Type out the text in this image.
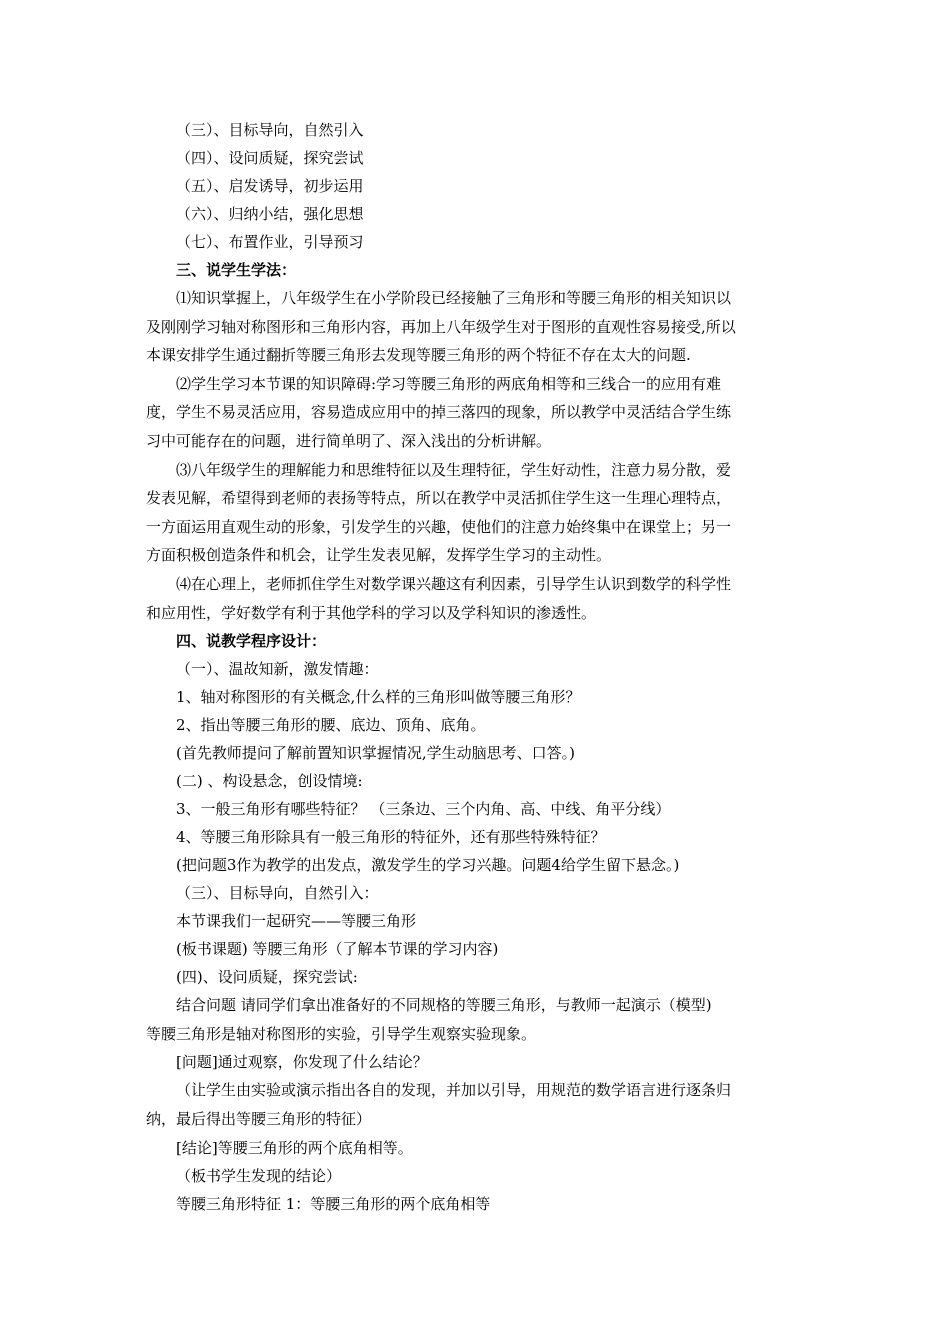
（三）、目标导向，自然引入
（四）、设问质疑，探究尝试
（五）、启发诱导，初步运用
（六）、归纳小结，强化思想
（七）、布置作业，引导预习
三、说学生学法：
⑴知识掌握上，八年级学生在小学阶段已经接触了三角形和等腰三角形的相关知识以
及刚刚学习轴对称图形和三角形内容，再加上八年级学生对于图形的直观性容易接受,所以
本课安排学生通过翻折等腰三角形去发现等腰三角形的两个特征不存在太大的问题.
⑵学生学习本节课的知识障碍:学习等腰三角形的两底角相等和三线合一的应用有难
度，学生不易灵活应用，容易造成应用中的掉三落四的现象，所以教学中灵活结合学生练
习中可能存在的问题，进行简单明了、深入浅出的分析讲解。
⑶八年级学生的理解能力和思维特征以及生理特征，学生好动性，注意力易分散，爱
发表见解，希望得到老师的表扬等特点，所以在教学中灵活抓住学生这一生理心理特点，
一方面运用直观生动的形象，引发学生的兴趣，使他们的注意力始终集中在课堂上；另一
方面积极创造条件和机会，让学生发表见解，发挥学生学习的主动性。
⑷在心理上，老师抓住学生对数学课兴趣这有利因素，引导学生认识到数学的科学性
和应用性，学好数学有利于其他学科的学习以及学科知识的渗透性。
四、说教学程序设计：
（一）、温故知新，激发情趣：
1、轴对称图形的有关概念,什么样的三角形叫做等腰三角形？
2、指出等腰三角形的腰、底边、顶角、底角。
(首先教师提问了解前置知识掌握情况,学生动脑思考、口答。)
(二) 、构设悬念，创设情境:
3、一般三角形有哪些特征？ （三条边、三个内角、高、中线、角平分线）
4、等腰三角形除具有一般三角形的特征外，还有那些特殊特征？
(把问题3作为教学的出发点，激发学生的学习兴趣。问题4给学生留下悬念。)
（三）、目标导向，自然引入：
本节课我们一起研究——等腰三角形
(板书课题) 等腰三角形（了解本节课的学习内容)
(四)、设问质疑，探究尝试:
结合问题 请同学们拿出准备好的不同规格的等腰三角形，与教师一起演示（模型)
等腰三角形是轴对称图形的实验，引导学生观察实验现象。
[问题]通过观察，你发现了什么结论？
（让学生由实验或演示指出各自的发现，并加以引导，用规范的数学语言进行逐条归
纳，最后得出等腰三角形的特征）
[结论]等腰三角形的两个底角相等。
（板书学生发现的结论）
等腰三角形特征 1：等腰三角形的两个底角相等
